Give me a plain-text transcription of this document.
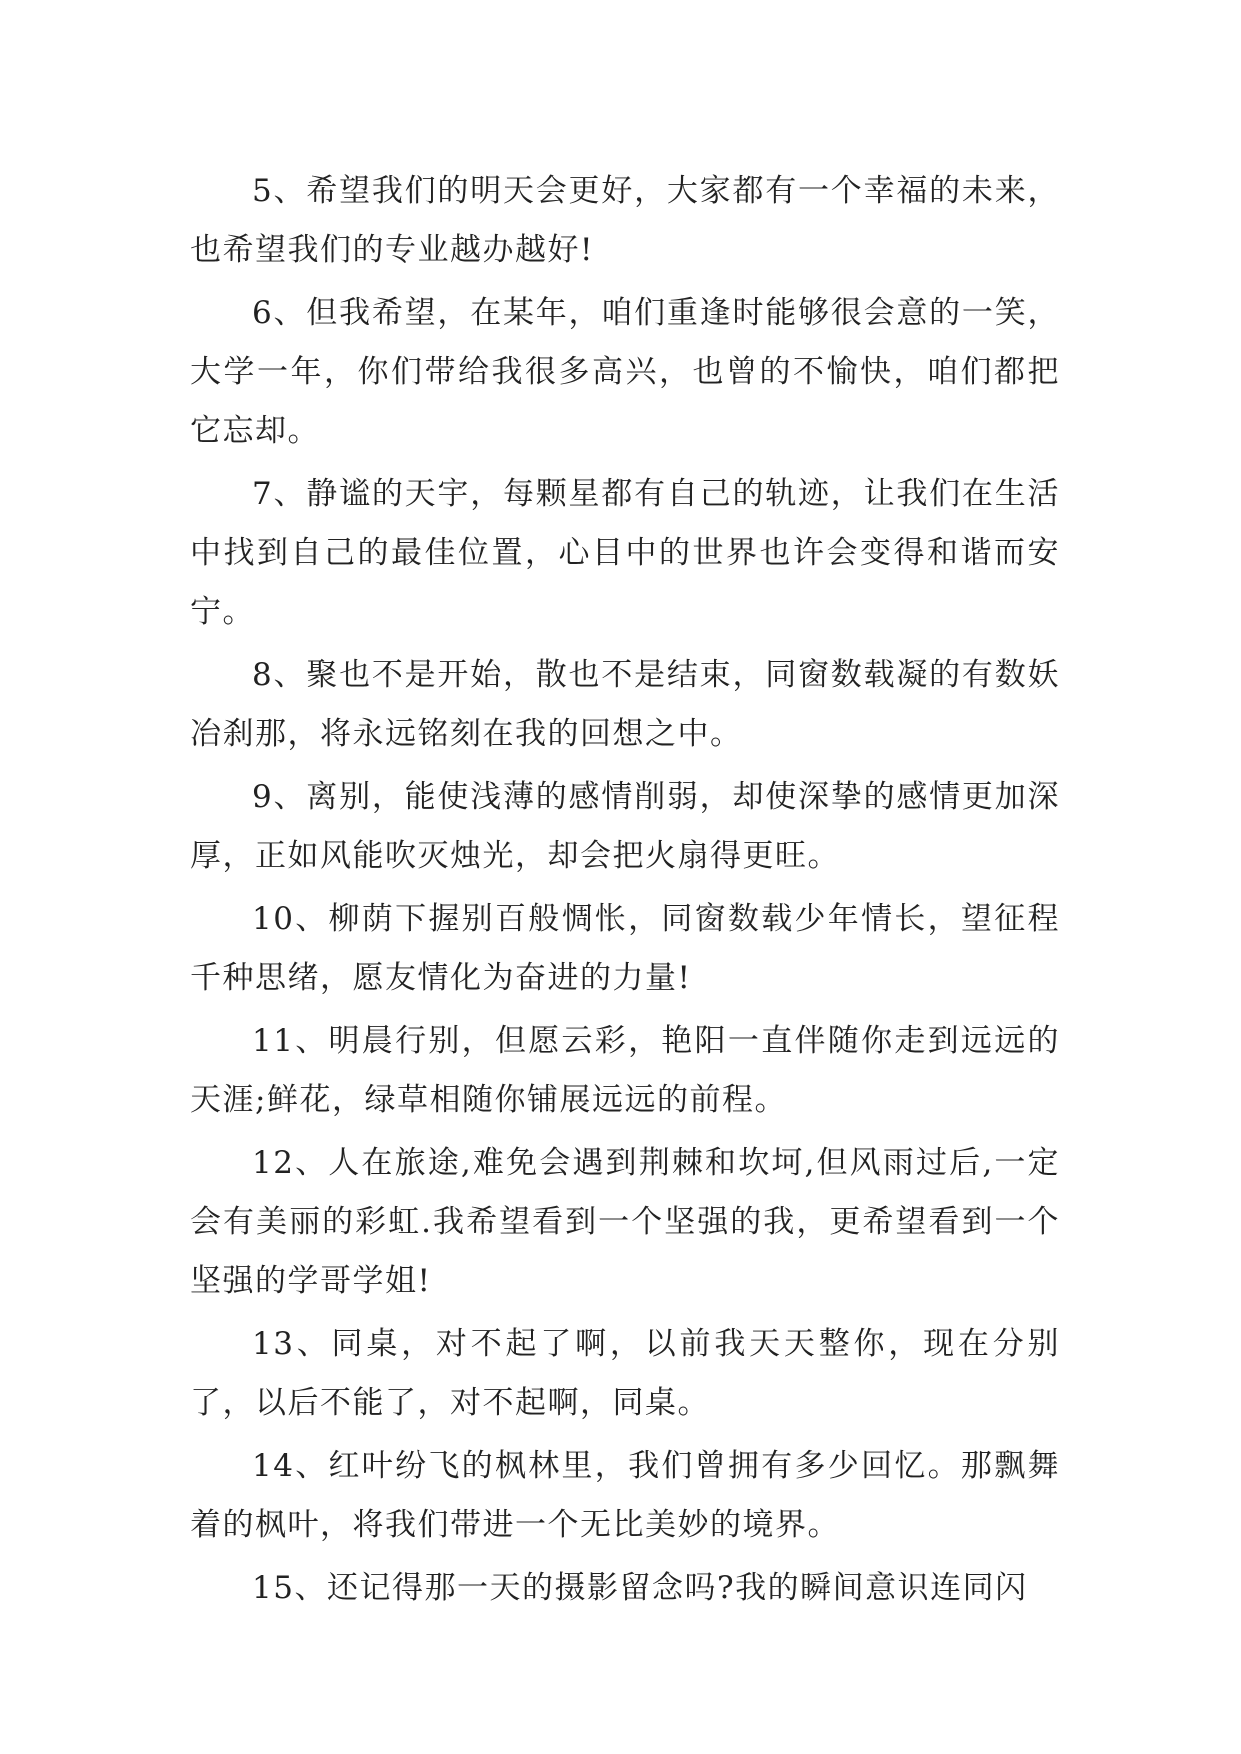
5、希望我们的明天会更好，大家都有一个幸福的未来，也希望我们的专业越办越好!

6、但我希望，在某年，咱们重逢时能够很会意的一笑，大学一年，你们带给我很多高兴，也曾的不愉快，咱们都把它忘却。

7、静谧的天宇，每颗星都有自己的轨迹，让我们在生活中找到自己的最佳位置，心目中的世界也许会变得和谐而安宁。

8、聚也不是开始，散也不是结束，同窗数载凝的有数妖冶刹那，将永远铭刻在我的回想之中。

9、离别，能使浅薄的感情削弱，却使深挚的感情更加深厚，正如风能吹灭烛光，却会把火扇得更旺。

10、柳荫下握别百般惆怅，同窗数载少年情长，望征程千种思绪，愿友情化为奋进的力量!

11、明晨行别，但愿云彩，艳阳一直伴随你走到远远的天涯;鲜花，绿草相随你铺展远远的前程。

12、人在旅途,难免会遇到荆棘和坎坷,但风雨过后,一定会有美丽的彩虹.我希望看到一个坚强的我，更希望看到一个坚强的学哥学姐!

13、同桌，对不起了啊，以前我天天整你，现在分别了，以后不能了，对不起啊，同桌。

14、红叶纷飞的枫林里，我们曾拥有多少回忆。那飘舞着的枫叶，将我们带进一个无比美妙的境界。

15、还记得那一天的摄影留念吗?我的瞬间意识连同闪
